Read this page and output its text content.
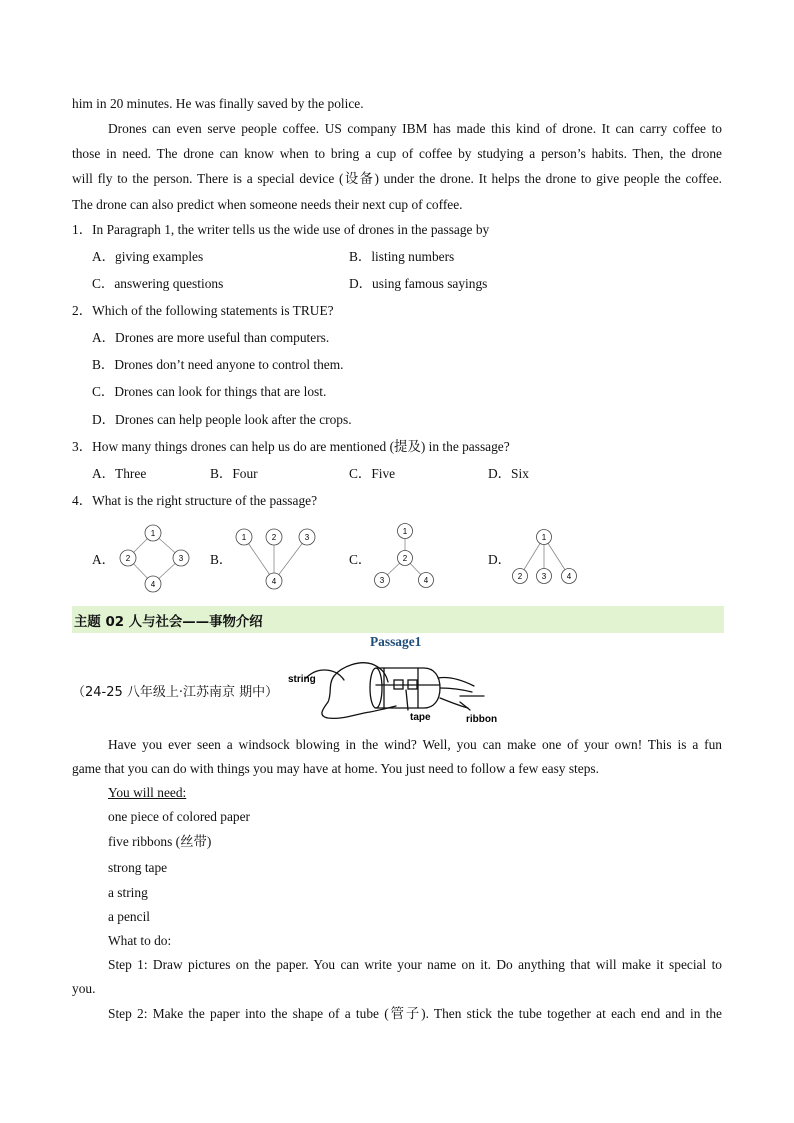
him in 20 minutes. He was finally saved by the police.
Drones can even serve people coffee. US company IBM has made this kind of drone. It can carry coffee to
those in need. The drone can know when to bring a cup of coffee by studying a person’s habits. Then, the drone
will fly to the person. There is a special device (设备) under the drone. It helps the drone to give people the coffee.
The drone can also predict when someone needs their next cup of coffee.
1．In Paragraph 1, the writer tells us the wide use of drones in the passage by
A．giving examples	B．listing numbers
C．answering questions	D．using famous sayings
2．Which of the following statements is TRUE?
A．Drones are more useful than computers.
B．Drones don’t need anyone to control them.
C．Drones can look for things that are lost.
D．Drones can help people look after the crops.
3．How many things drones can help us do are mentioned (提及) in the passage?
A．Three	B．Four	C．Five	D．Six
4．What is the right structure of the passage?
A．	B．	C．	D．
1
2	3
4
1	2	3
4
1
2
3	4
1
2 3	4
主题 02 人与社会——事物介绍
Passage1
（24-25 八年级上·江苏南京 期中）
string
tape	ribbon
Have you ever seen a windsock blowing in the wind? Well, you can make one of your own! This is a fun
game that you can do with things you may have at home. You just need to follow a few easy steps.
You will need:
one piece of colored paper
five ribbons (丝带)
strong tape
a string
a pencil
What to do:
Step 1: Draw pictures on the paper. You can write your name on it. Do anything that will make it special to
you.
Step 2: Make the paper into the shape of a tube (管子). Then stick the tube together at each end and in the
